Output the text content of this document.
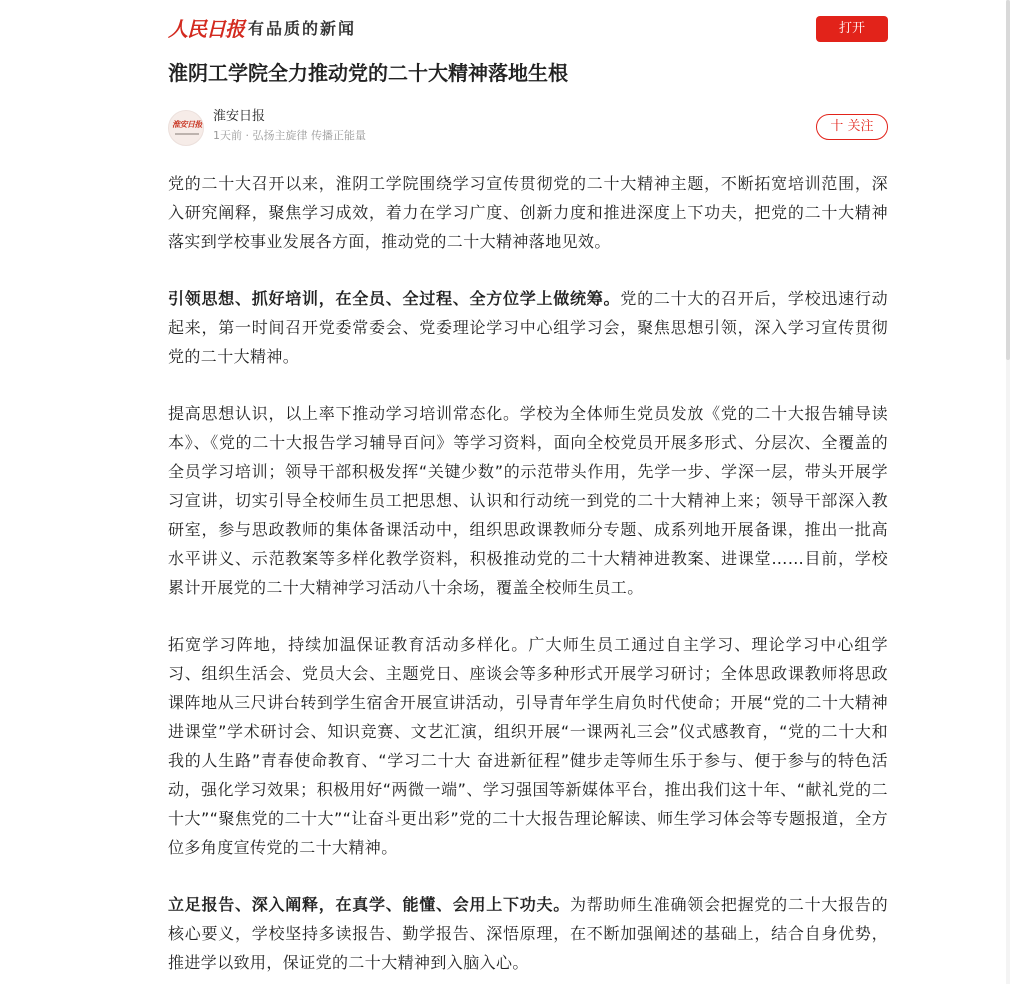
人民日报 有品质的新闻	打开
淮阴工学院全力推动党的二十大精神落地生根
淮安日报 淮安日报
1天前 · 弘扬主旋律 传播正能量
十 关注

党的二十大召开以来，淮阴工学院围绕学习宣传贯彻党的二十大精神主题，不断拓宽培训范围，深入研究阐释，聚焦学习成效，着力在学习广度、创新力度和推进深度上下功夫，把党的二十大精神落实到学校事业发展各方面，推动党的二十大精神落地见效。

引领思想、抓好培训，在全员、全过程、全方位学上做统筹。党的二十大的召开后，学校迅速行动起来，第一时间召开党委常委会、党委理论学习中心组学习会，聚焦思想引领，深入学习宣传贯彻党的二十大精神。

提高思想认识，以上率下推动学习培训常态化。学校为全体师生党员发放《党的二十大报告辅导读本》、《党的二十大报告学习辅导百问》等学习资料，面向全校党员开展多形式、分层次、全覆盖的全员学习培训；领导干部积极发挥“关键少数”的示范带头作用，先学一步、学深一层，带头开展学习宣讲，切实引导全校师生员工把思想、认识和行动统一到党的二十大精神上来；领导干部深入教研室，参与思政教师的集体备课活动中，组织思政课教师分专题、成系列地开展备课，推出一批高水平讲义、示范教案等多样化教学资料，积极推动党的二十大精神进教案、进课堂……目前，学校累计开展党的二十大精神学习活动八十余场，覆盖全校师生员工。

拓宽学习阵地，持续加温保证教育活动多样化。广大师生员工通过自主学习、理论学习中心组学习、组织生活会、党员大会、主题党日、座谈会等多种形式开展学习研讨；全体思政课教师将思政课阵地从三尺讲台转到学生宿舍开展宣讲活动，引导青年学生肩负时代使命；开展“党的二十大精神进课堂”学术研讨会、知识竞赛、文艺汇演，组织开展“一课两礼三会”仪式感教育，“党的二十大和我的人生路”青春使命教育、“学习二十大 奋进新征程”健步走等师生乐于参与、便于参与的特色活动，强化学习效果；积极用好“两微一端”、学习强国等新媒体平台，推出我们这十年、“献礼党的二十大”“聚焦党的二十大”“让奋斗更出彩”党的二十大报告理论解读、师生学习体会等专题报道，全方位多角度宣传党的二十大精神。

立足报告、深入阐释，在真学、能懂、会用上下功夫。为帮助师生准确领会把握党的二十大报告的核心要义，学校坚持多读报告、勤学报告、深悟原理，在不断加强阐述的基础上，结合自身优势，推进学以致用，保证党的二十大精神到入脑入心。
